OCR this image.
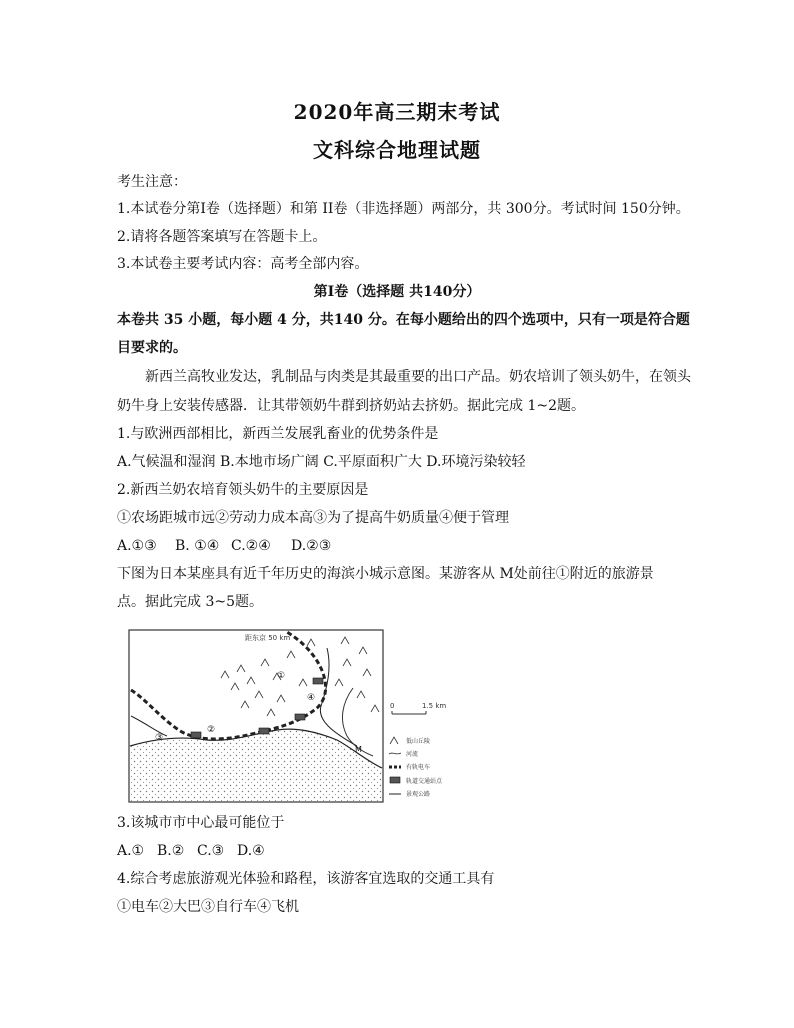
2020年高三期末考试
文科综合地理试题
考生注意：
1.本试卷分第Ⅰ卷（选择题）和第 II卷（非选择题）两部分，共 300分。考试时间 150分钟。
2.请将各题答案填写在答题卡上。
3.本试卷主要考试内容：高考全部内容。
第Ⅰ卷（选择题 共140分）
本卷共 35 小题，每小题 4 分，共140 分。在每小题给出的四个选项中，只有一项是符合题
目要求的。
新西兰高牧业发达，乳制品与肉类是其最重要的出口产品。奶农培训了领头奶牛，在领头
奶牛身上安装传感器．让其带领奶牛群到挤奶站去挤奶。据此完成 1~2题。
1.与欧洲西部相比，新西兰发展乳畜业的优势条件是
A.气候温和湿润 B.本地市场广阔 C.平原面积广大 D.环境污染较轻
2.新西兰奶农培育领头奶牛的主要原因是
①农场距城市远②劳动力成本高③为了提高牛奶质量④便于管理
A.①③ B. ①④ C.②④ D.②③
下图为日本某座具有近千年历史的海滨小城示意图。某游客从 M处前往①附近的旅游景
点。据此完成 3~5题。
距东京 50 km
①
②
③
④
M
0	1.5 km
低山丘陵
河流
有轨电车
轨道交通站点
景观公路
3.该城市市中心最可能位于
A.① B.② C.③ D.④
4.综合考虑旅游观光体验和路程，该游客宜选取的交通工具有
①电车②大巴③自行车④飞机
